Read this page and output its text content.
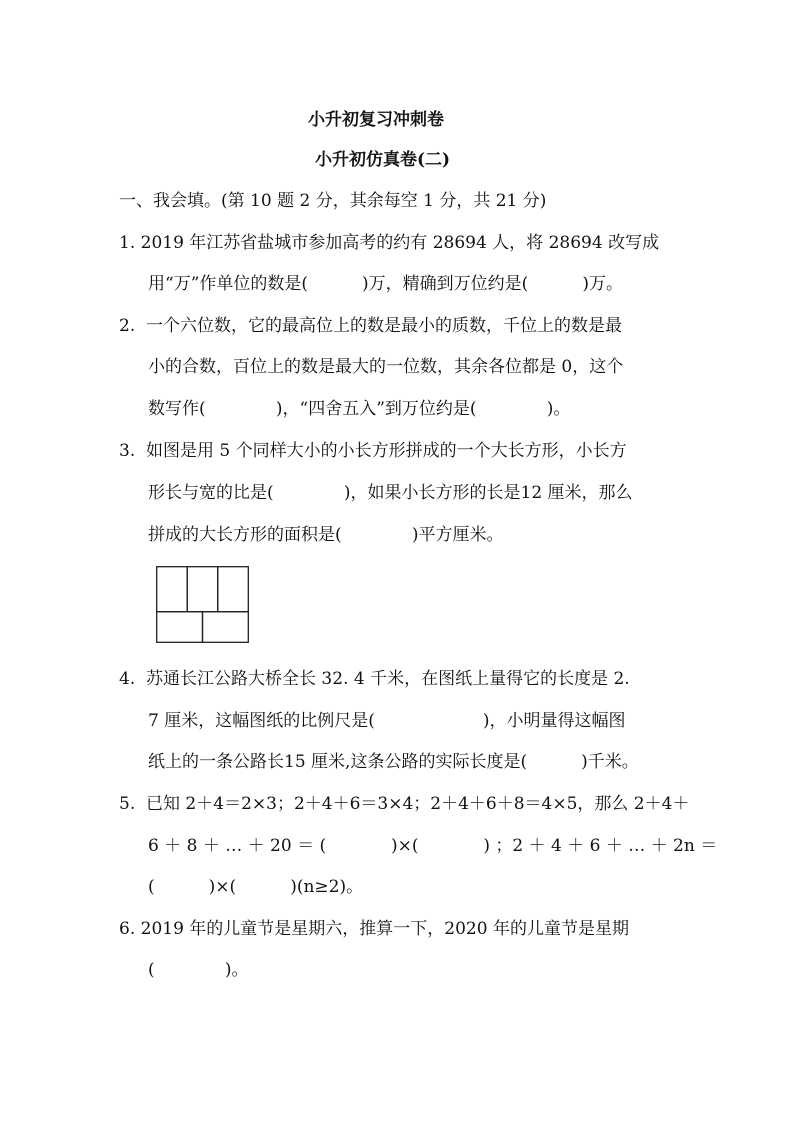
小升初复习冲刺卷
小升初仿真卷(二)
一、我会填。(第 10 题 2 分，其余每空 1 分，共 21 分)
1. 2019 年江苏省盐城市参加高考的约有 28694 人，将 28694 改写成
用“万”作单位的数是(          )万，精确到万位约是(          )万。
2.  一个六位数，它的最高位上的数是最小的质数，千位上的数是最
小的合数，百位上的数是最大的一位数，其余各位都是 0，这个
数写作(             )，“四舍五入”到万位约是(             )。
3.  如图是用 5 个同样大小的小长方形拼成的一个大长方形，小长方
形长与宽的比是(             )，如果小长方形的长是12 厘米，那么
拼成的大长方形的面积是(             )平方厘米。
4.  苏通长江公路大桥全长 32. 4 千米，在图纸上量得它的长度是 2.
7 厘米，这幅图纸的比例尺是(                    )，小明量得这幅图
纸上的一条公路长15 厘米,这条公路的实际长度是(          )千米。
5.  已知 2＋4＝2×3；2＋4＋6＝3×4；2＋4＋6＋8＝4×5，那么 2＋4＋
6 ＋ 8 ＋ … ＋ 20 ＝ (            )×(            ) ；2 ＋ 4 ＋ 6 ＋ … ＋ 2n ＝
(          )×(          )(n≥2)。
6. 2019 年的儿童节是星期六，推算一下，2020 年的儿童节是星期
(             )。
